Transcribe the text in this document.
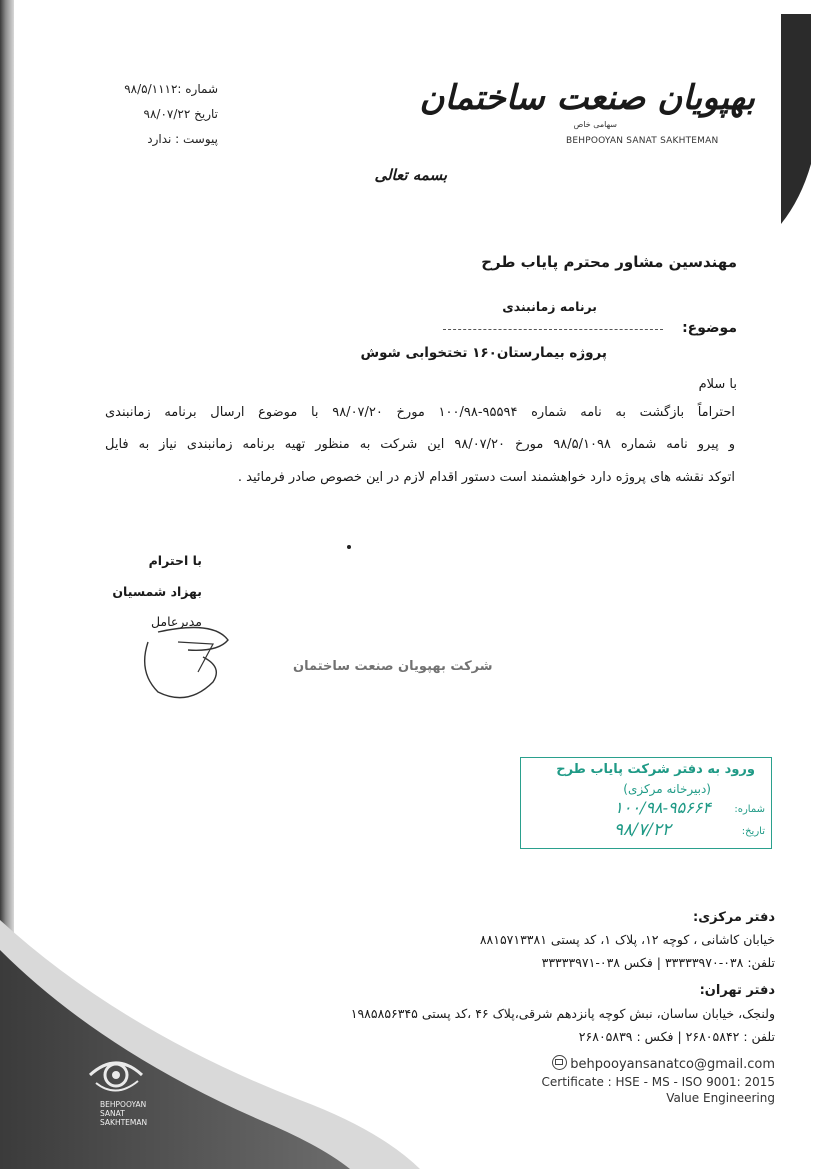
بهپویان صنعت ساختمان
سهامی خاص
BEHPOOYAN SANAT SAKHTEMAN
شماره :۹۸/۵/۱۱۱۲
تاریخ ۹۸/۰۷/۲۲
پیوست : ندارد
بسمه تعالی
مهندسین مشاور محترم پایاب طرح
برنامه زمانبندی
موضوع:
پروژه بیمارستان۱۶۰ تختخوابی شوش
با سلام
احتراماً بازگشت به نامه شماره ۹۵۵۹۴-۱۰۰/۹۸ مورخ ۹۸/۰۷/۲۰ با موضوع ارسال برنامه زمانبندی
و پیرو نامه شماره ۹۸/۵/۱۰۹۸ مورخ ۹۸/۰۷/۲۰ این شرکت به منظور تهیه برنامه زمانبندی نیاز به فایل
اتوکد نقشه های پروژه دارد خواهشمند است دستور اقدام لازم در این خصوص صادر فرمائید .
با احترام
بهزاد شمسیان
مدیرعامل
شرکت بهپویان صنعت ساختمان
ورود به دفتر شرکت پایاب طرح
(دبیرخانه مرکزی)
شماره:
۱۰۰/۹۸-۹۵۶۶۴
تاریخ:
۹۸/۷/۲۲
BEHPOOYAN
SANAT
SAKHTEMAN
دفتر مرکزی:
خیابان کاشانی ، کوچه ۱۲، پلاک ۱، کد پستی ۸۸۱۵۷۱۳۳۸۱
تلفن: ۰۳۸-۳۳۳۳۳۹۷۰ | فکس ۰۳۸-۳۳۳۳۳۹۷۱
دفتر تهران:
ولنجک، خیابان ساسان، نبش کوچه پانزدهم شرقی،پلاک ۴۶ ،کد پستی ۱۹۸۵۸۵۶۳۴۵
تلفن : ۲۶۸۰۵۸۴۲ | فکس : ۲۶۸۰۵۸۳۹
behpooyansanatco@gmail.com
Certificate : HSE - MS - ISO 9001: 2015
Value Engineering
